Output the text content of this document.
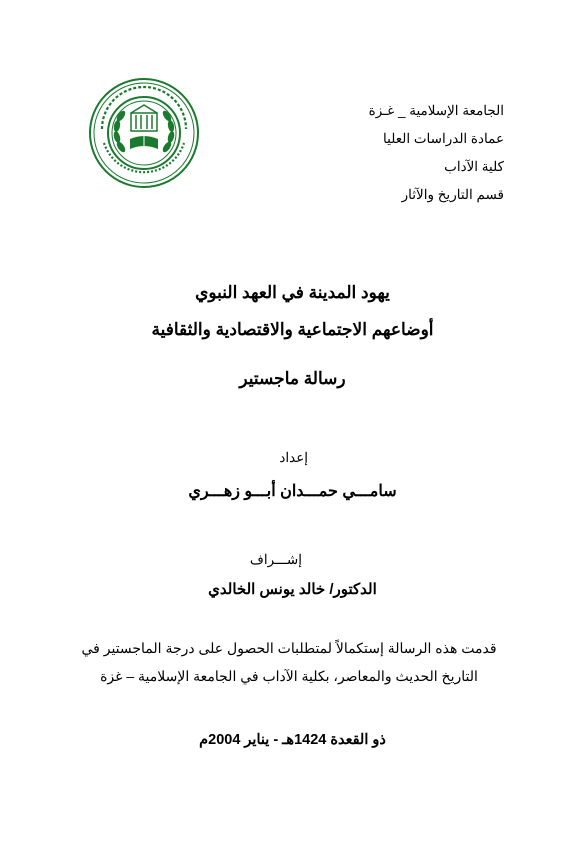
الجامعة الإسلامية _ غـزة
عمادة الدراسات العليا
كلية الآداب
قسم التاريخ والآثار
يهود المدينة في العهد النبوي
أوضاعهم الاجتماعية والاقتصادية والثقافية
رسالة ماجستير
إعداد
سامـــي حمـــدان أبـــو زهـــري
إشـــراف
الدكتور/ خالد يونس الخالدي
قدمت هذه الرسالة إستكمالاً لمتطلبات الحصول على درجة الماجستير في
التاريخ الحديث والمعاصر، بكلية الآداب في الجامعة الإسلامية – غزة
ذو القعدة 1424هـ - يناير 2004م
